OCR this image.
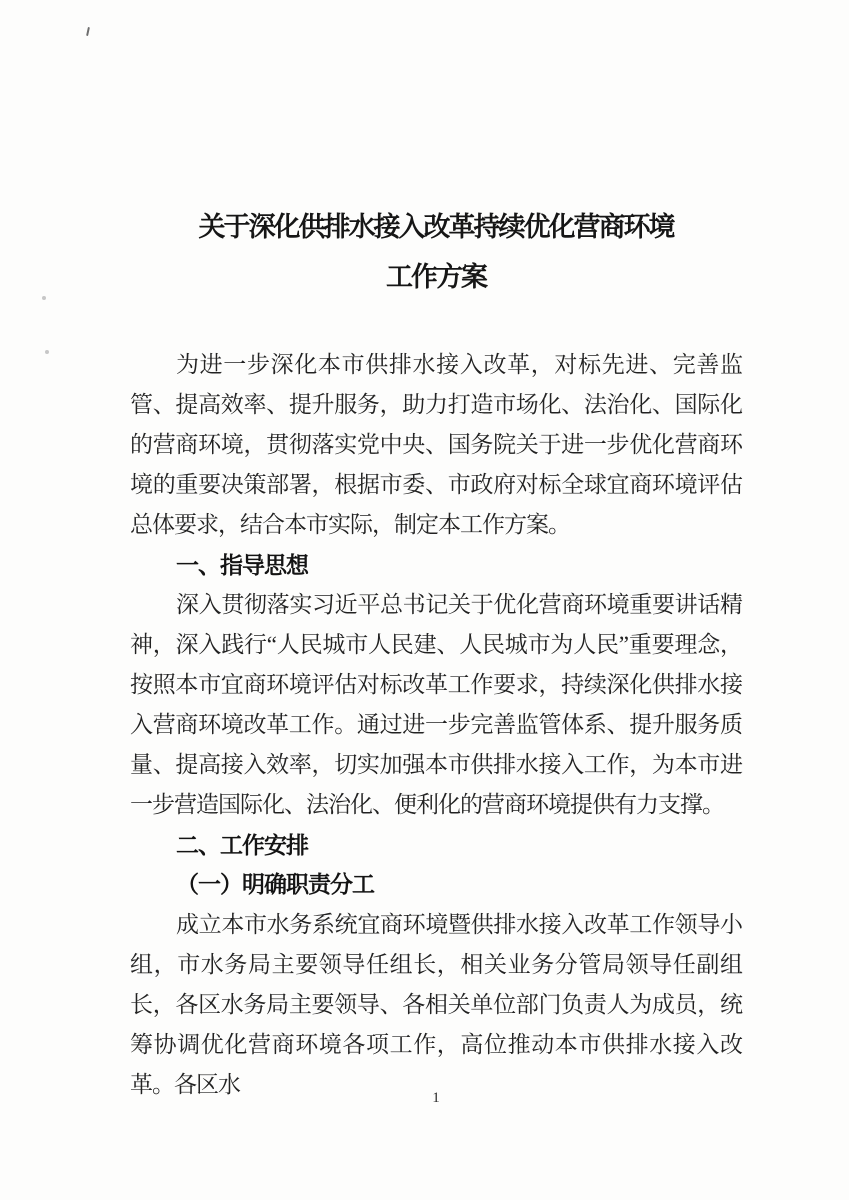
关于深化供排水接入改革持续优化营商环境
工作方案

为进一步深化本市供排水接入改革，对标先进、完善监管、提高效率、提升服务，助力打造市场化、法治化、国际化的营商环境，贯彻落实党中央、国务院关于进一步优化营商环境的重要决策部署，根据市委、市政府对标全球宜商环境评估总体要求，结合本市实际，制定本工作方案。

一、指导思想

深入贯彻落实习近平总书记关于优化营商环境重要讲话精神，深入践行“人民城市人民建、人民城市为人民”重要理念，按照本市宜商环境评估对标改革工作要求，持续深化供排水接入营商环境改革工作。通过进一步完善监管体系、提升服务质量、提高接入效率，切实加强本市供排水接入工作，为本市进一步营造国际化、法治化、便利化的营商环境提供有力支撑。

二、工作安排

（一）明确职责分工

成立本市水务系统宜商环境暨供排水接入改革工作领导小组，市水务局主要领导任组长，相关业务分管局领导任副组长，各区水务局主要领导、各相关单位部门负责人为成员，统筹协调优化营商环境各项工作，高位推动本市供排水接入改革。各区水

1
